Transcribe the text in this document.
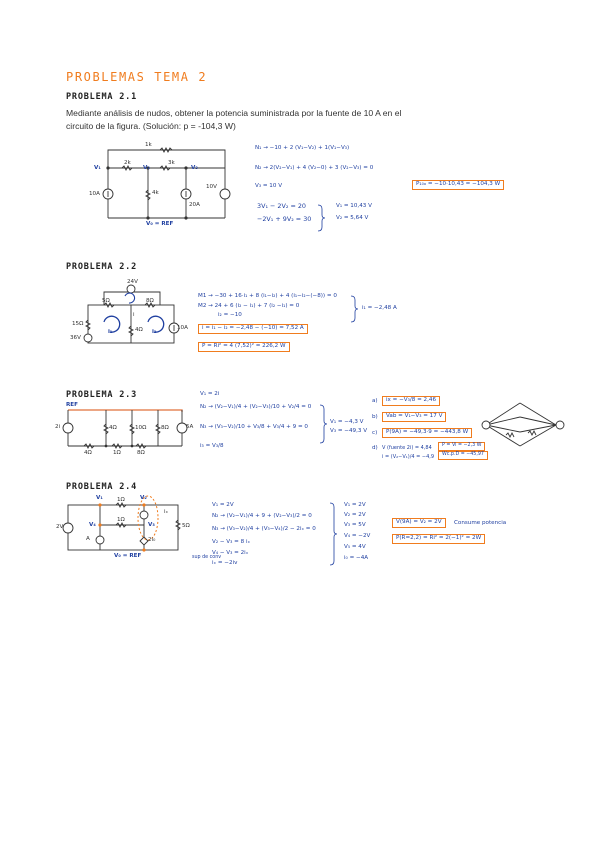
PROBLEMAS TEMA 2
PROBLEMA 2.1
Mediante análisis de nudos, obtener la potencia suministrada por la fuente de 10 A en el circuito de la figura. (Solución: p = -104,3 W)
1k
2k	3k
4k
10A
20A
10V
V₁	V₂	V₃
V₀ = REF
N₁ → −10 + 2 (V₁−V₂) + 1(V₁−V₃)
N₂ → 2(V₂−V₁) + 4 (V₂−0) + 3 (V₂−V₃) = 0
V₃ = 10 V
3V₁ − 2V₂ = 20
−2V₁ + 9V₂ = 30
V₁ = 10,43 V
V₂ = 5,64 V
P₁₀ₐ = −10·10,43 = −104,3 W
PROBLEMA 2.2
24V
5Ω	8Ω
4Ω
15Ω
36V
10A
i
i₁	i₂
M1 → −30 + 16·i₁ + 8 (i₁−i₂) + 4 (i₁−i₂−(−8)) = 0
M2 → 24 + 6 (i₂ − i₁) + 7 (i₂ −i₁) = 0
i₂ = −10
i₁ = −2,48 A
i = i₁ − i₂ = −2,48 − (−10) = 7,52 A
P = Ri² = 4 (7,52)² = 226,2 W
PROBLEMA 2.3
REF
2i	5A
4Ω	10Ω	8Ω
4Ω	1Ω	8Ω
V₁ = 2i
N₂ → (V₂−V₁)/4 + (V₂−V₃)/10 + V₂/4 = 0
N₃ → (V₃−V₂)/10 + V₃/8 + V₃/4 + 9 = 0
i₃ = V₃/8
V₁ = −4,3 V
V₃ = −49,3 V
a)	ix = −V₃/8 = 2,46
b)	Vab = V₁−V₃ = 17 V
c)	P(9A) = −49,3·9 = −443,8 W
d) V (fuente 2i) = 4,84
i = (V₂−V₁)/4 = −4,9
P = Vi = −2,3 W
Wc.p.D = −45,97
PROBLEMA 2.4
V₁	V₂
V₄	V₃
2V
1Ω
1Ω
5Ω
A	2i₀
iₓ
V₀ = REF
V₁ = 2V
N₂ → (V₂−V₁)/4 + 9 + (V₂−V₃)/2 = 0
N₃ → (V₃−V₂)/4 + (V₃−V₄)/2 − 2iₓ = 0
V₂ − V₃ = 8 iₓ
V₄ − V₃ = 2iₓ
sup de conv
iₓ = −2iv
V₁ = 2V
V₂ = 2V
V₃ = 5V
V₄ = −2V
V₅ = 4V
i₀ = −4A
V(9A) = V₂ = 2V	Consume potencia
P(R=2,2) = Ri² = 2(−1)² = 2W
